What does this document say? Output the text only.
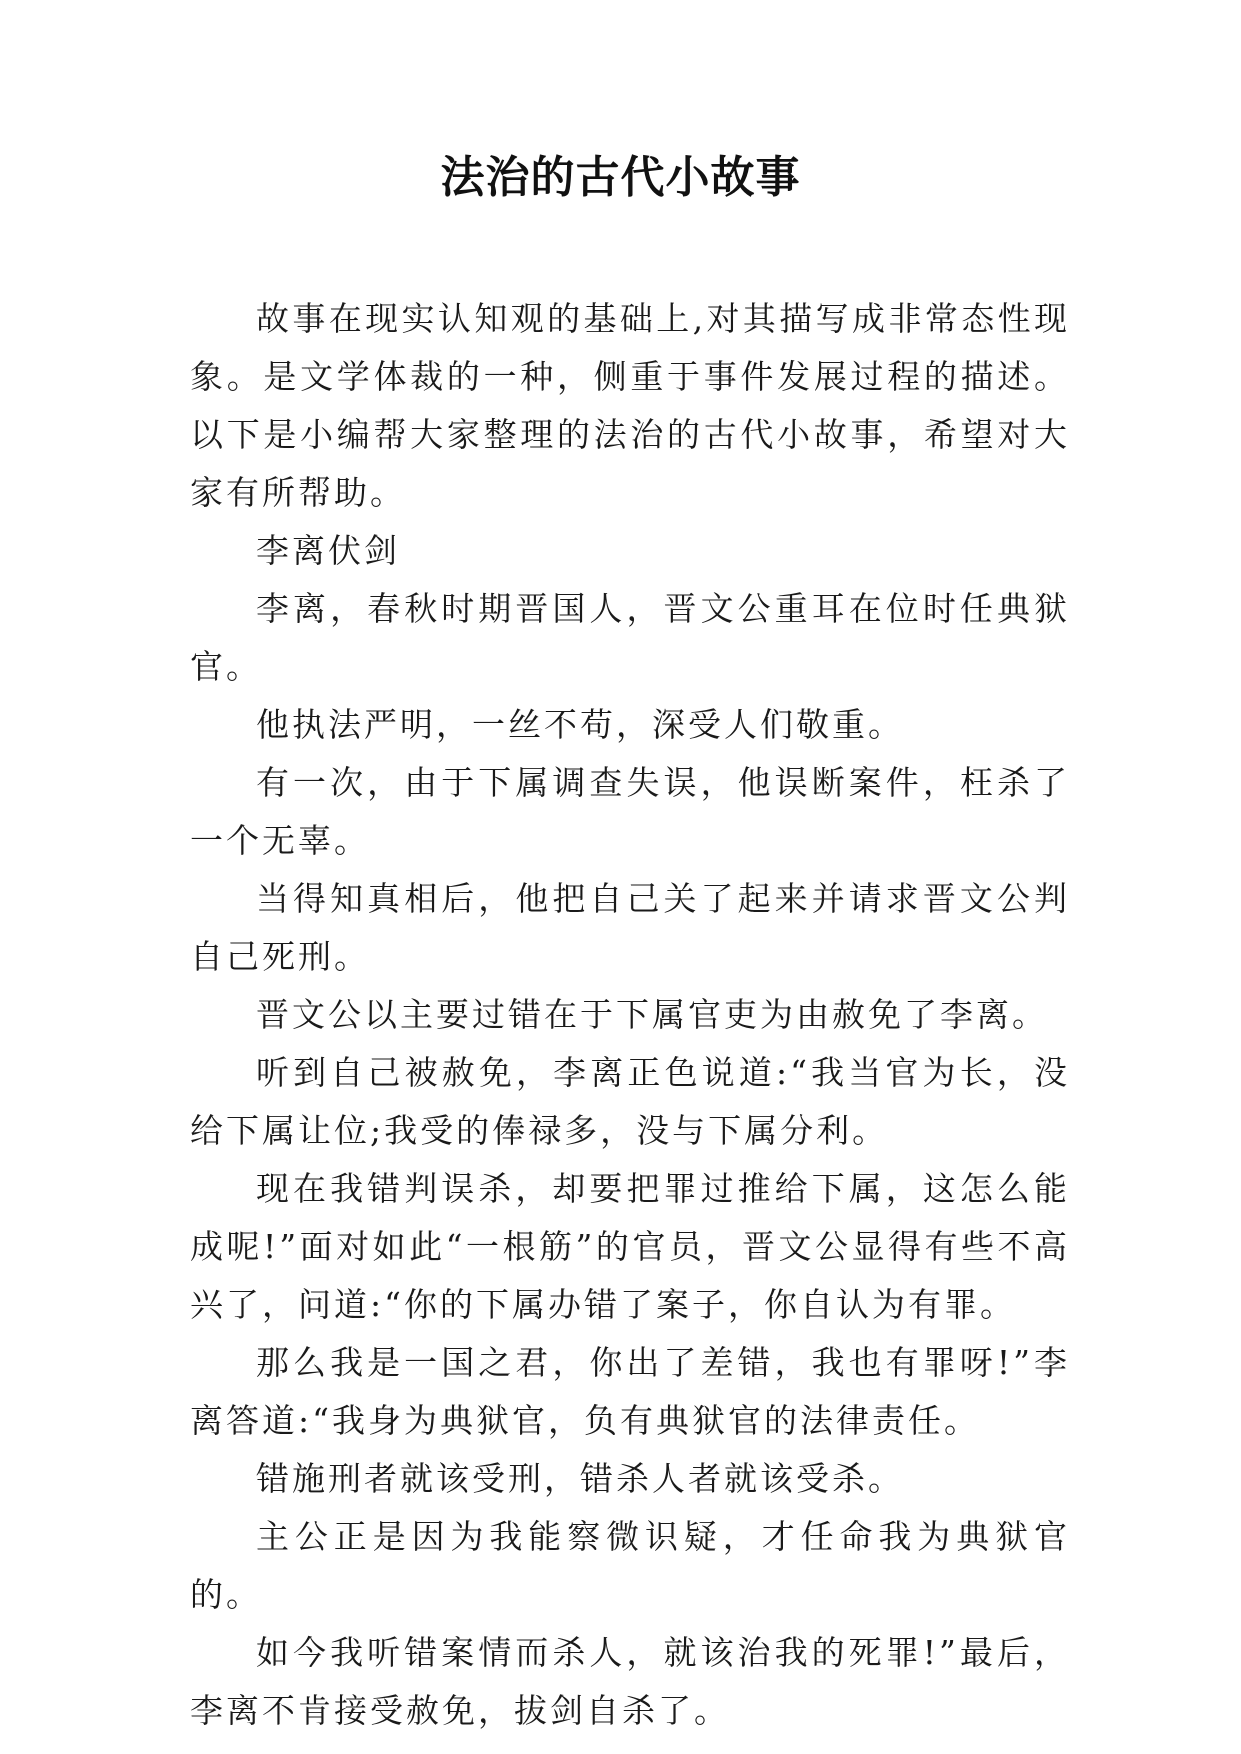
法治的古代小故事

故事在现实认知观的基础上,对其描写成非常态性现象。是文学体裁的一种，侧重于事件发展过程的描述。以下是小编帮大家整理的法治的古代小故事，希望对大家有所帮助。

李离伏剑

李离，春秋时期晋国人，晋文公重耳在位时任典狱官。

他执法严明，一丝不苟，深受人们敬重。

有一次，由于下属调查失误，他误断案件，枉杀了一个无辜。

当得知真相后，他把自己关了起来并请求晋文公判自己死刑。

晋文公以主要过错在于下属官吏为由赦免了李离。

听到自己被赦免，李离正色说道:“我当官为长，没给下属让位;我受的俸禄多，没与下属分利。

现在我错判误杀，却要把罪过推给下属，这怎么能成呢!”面对如此“一根筋”的官员，晋文公显得有些不高兴了，问道:“你的下属办错了案子，你自认为有罪。

那么我是一国之君，你出了差错，我也有罪呀!”李离答道:“我身为典狱官，负有典狱官的法律责任。

错施刑者就该受刑，错杀人者就该受杀。

主公正是因为我能察微识疑，才任命我为典狱官的。

如今我听错案情而杀人，就该治我的死罪!”最后，李离不肯接受赦免，拔剑自杀了。
